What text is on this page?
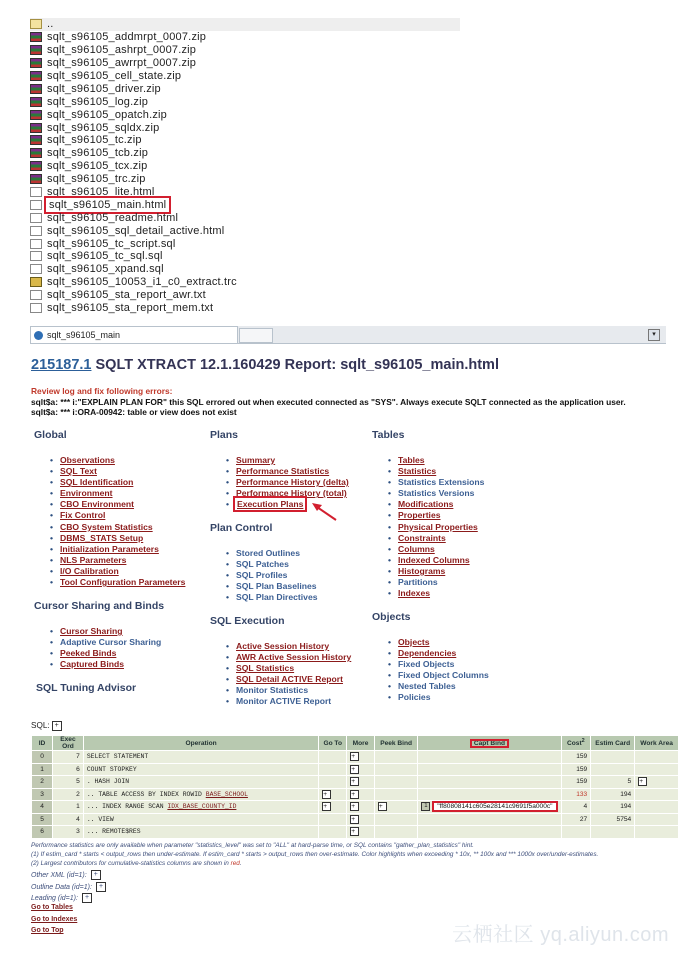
..
sqlt_s96105_addmrpt_0007.zip
sqlt_s96105_ashrpt_0007.zip
sqlt_s96105_awrrpt_0007.zip
sqlt_s96105_cell_state.zip
sqlt_s96105_driver.zip
sqlt_s96105_log.zip
sqlt_s96105_opatch.zip
sqlt_s96105_sqldx.zip
sqlt_s96105_tc.zip
sqlt_s96105_tcb.zip
sqlt_s96105_tcx.zip
sqlt_s96105_trc.zip
sqlt_s96105_lite.html
sqlt_s96105_main.html
sqlt_s96105_readme.html
sqlt_s96105_sql_detail_active.html
sqlt_s96105_tc_script.sql
sqlt_s96105_tc_sql.sql
sqlt_s96105_xpand.sql
sqlt_s96105_10053_i1_c0_extract.trc
sqlt_s96105_sta_report_awr.txt
sqlt_s96105_sta_report_mem.txt
sqlt_s96105_main	▾
215187.1 SQLT XTRACT 12.1.160429 Report: sqlt_s96105_main.html
Review log and fix following errors:
sqlt$a: *** i:"EXPLAIN PLAN FOR" this SQL errored out when executed connected as "SYS". Always execute SQLT connected as the application user.
sqlt$a: *** i:ORA-00942: table or view does not exist
Global
• Observations
• SQL Text
• SQL Identification
• Environment
• CBO Environment
• Fix Control
• CBO System Statistics
• DBMS_STATS Setup
• Initialization Parameters
• NLS Parameters
• I/O Calibration
• Tool Configuration Parameters
Cursor Sharing and Binds
• Cursor Sharing
• Adaptive Cursor Sharing
• Peeked Binds
• Captured Binds
SQL Tuning Advisor
Plans
• Summary
• Performance Statistics
• Performance History (delta)
• Performance History (total)
• Execution Plans
Plan Control
• Stored Outlines
• SQL Patches
• SQL Profiles
• SQL Plan Baselines
• SQL Plan Directives
SQL Execution
• Active Session History
• AWR Active Session History
• SQL Statistics
• SQL Detail ACTIVE Report
• Monitor Statistics
• Monitor ACTIVE Report
Tables
• Tables
• Statistics
• Statistics Extensions
• Statistics Versions
• Modifications
• Properties
• Physical Properties
• Constraints
• Columns
• Indexed Columns
• Histograms
• Partitions
• Indexes
Objects
• Objects
• Dependencies
• Fixed Objects
• Fixed Object Columns
• Nested Tables
• Policies
SQL: +
ID	Exec Ord	Operation	Go To	More	Peek Bind	Capt Bind	Cost$^2$	Estim Card	Work Area
0	7	SELECT STATEMENT		+			159		
1	6	COUNT STOPKEY		+			159		
2	5	. HASH JOIN		+			159	5	+
3	2	.. TABLE ACCESS BY INDEX ROWID BASE_SCHOOL	+	+			133	194	
4	1	... INDEX RANGE SCAN IDX_BASE_COUNTY_ID	+	+	+	1 "ff80808141c605e28141c9691f5a000c"	4	194	
5	4	.. VIEW		+			27	5754	
6	3	... REMOTE$RES		+					
Performance statistics are only available when parameter "statistics_level" was set to "ALL" at hard-parse time, or SQL contains "gather_plan_statistics" hint.
(1) If estim_card * starts < output_rows then under-estimate. If estim_card * starts > output_rows then over-estimate. Color highlights when exceeding * 10x, ** 100x and *** 1000x over/under-estimates.
(2) Largest contributors for cumulative-statistics columns are shown in red.
Other XML (id=1): +
Outline Data (id=1): +
Leading (id=1): +
Go to Tables
Go to Indexes
Go to Top	云栖社区 yq.aliyun.com
